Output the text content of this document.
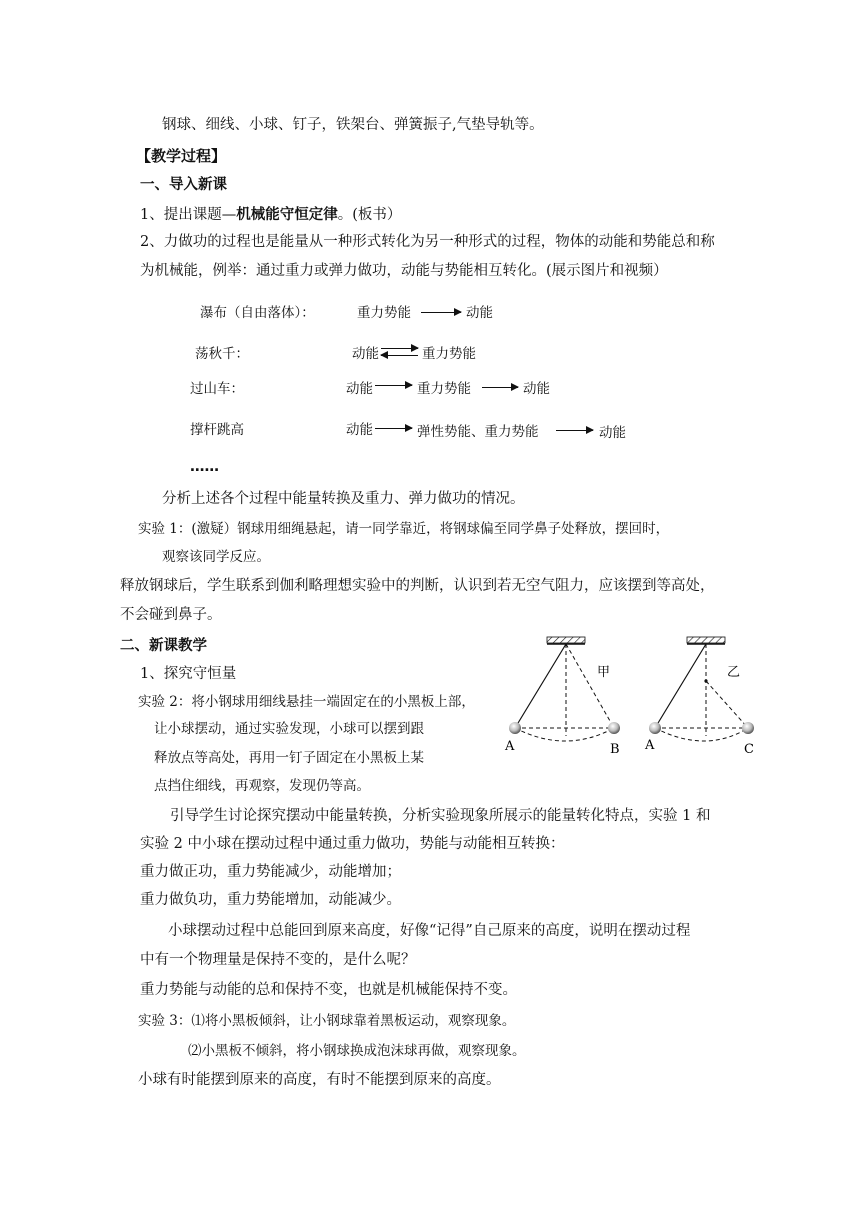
钢球、细线、小球、钉子，铁架台、弹簧振子,气垫导轨等。
【教学过程】
一、导入新课
1、提出课题—机械能守恒定律。(板书）
2、力做功的过程也是能量从一种形式转化为另一种形式的过程，物体的动能和势能总和称
为机械能，例举：通过重力或弹力做功，动能与势能相互转化。(展示图片和视频）
瀑布（自由落体）：	重力势能	动能
荡秋千：	动能	重力势能
过山车：	动能	重力势能	动能
撑杆跳高	动能	弹性势能、重力势能	动能
……
分析上述各个过程中能量转换及重力、弹力做功的情况。
实验 1：(激疑）钢球用细绳悬起，请一同学靠近，将钢球偏至同学鼻子处释放，摆回时，
观察该同学反应。
释放钢球后，学生联系到伽利略理想实验中的判断，认识到若无空气阻力，应该摆到等高处，
不会碰到鼻子。
二、新课教学
1、探究守恒量
实验 2：将小钢球用细线悬挂一端固定在的小黑板上部，
让小球摆动，通过实验发现，小球可以摆到跟
释放点等高处，再用一钉子固定在小黑板上某
点挡住细线，再观察，发现仍等高。
甲	乙
A	B A	C
引导学生讨论探究摆动中能量转换，分析实验现象所展示的能量转化特点，实验 1 和
实验 2 中小球在摆动过程中通过重力做功，势能与动能相互转换：
重力做正功，重力势能减少，动能增加；
重力做负功，重力势能增加，动能减少。
小球摆动过程中总能回到原来高度，好像“记得”自己原来的高度，说明在摆动过程
中有一个物理量是保持不变的，是什么呢？
重力势能与动能的总和保持不变，也就是机械能保持不变。
实验 3：⑴将小黑板倾斜，让小钢球靠着黑板运动，观察现象。
⑵小黑板不倾斜，将小钢球换成泡沫球再做，观察现象。
小球有时能摆到原来的高度，有时不能摆到原来的高度。
